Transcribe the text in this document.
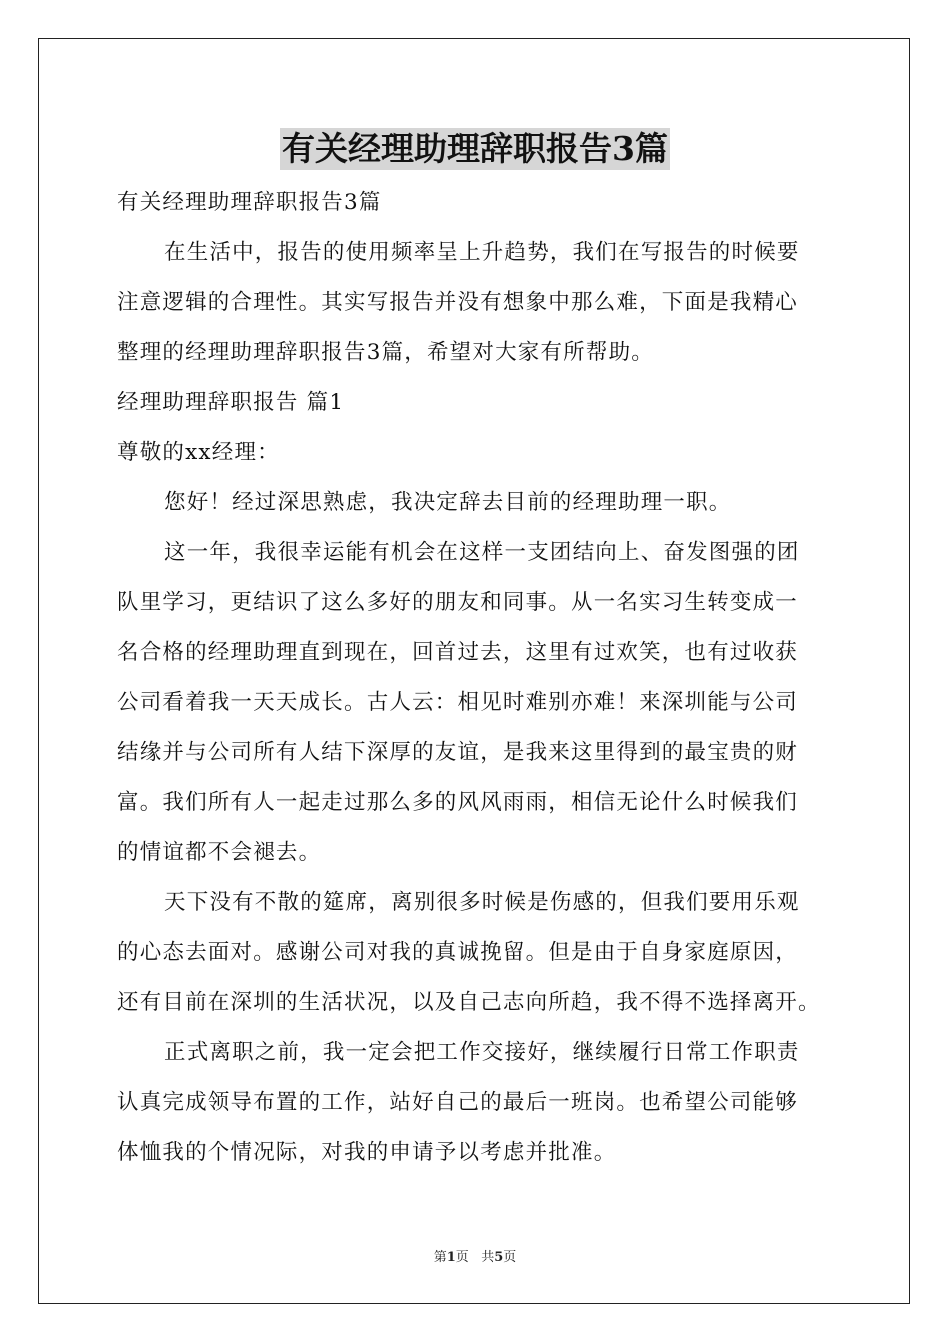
有关经理助理辞职报告3篇
有关经理助理辞职报告3篇
在生活中，报告的使用频率呈上升趋势，我们在写报告的时候要
注意逻辑的合理性。其实写报告并没有想象中那么难，下面是我精心
整理的经理助理辞职报告3篇，希望对大家有所帮助。
经理助理辞职报告 篇1
尊敬的xx经理：
您好！经过深思熟虑，我决定辞去目前的经理助理一职。
这一年，我很幸运能有机会在这样一支团结向上、奋发图强的团
队里学习，更结识了这么多好的朋友和同事。从一名实习生转变成一
名合格的经理助理直到现在，回首过去，这里有过欢笑，也有过收获
公司看着我一天天成长。古人云：相见时难别亦难！来深圳能与公司
结缘并与公司所有人结下深厚的友谊，是我来这里得到的最宝贵的财
富。我们所有人一起走过那么多的风风雨雨，相信无论什么时候我们
的情谊都不会褪去。
天下没有不散的筵席，离别很多时候是伤感的，但我们要用乐观
的心态去面对。感谢公司对我的真诚挽留。但是由于自身家庭原因，
还有目前在深圳的生活状况，以及自己志向所趋，我不得不选择离开。
正式离职之前，我一定会把工作交接好，继续履行日常工作职责
认真完成领导布置的工作，站好自己的最后一班岗。也希望公司能够
体恤我的个情况际，对我的申请予以考虑并批准。
第1页 共5页
